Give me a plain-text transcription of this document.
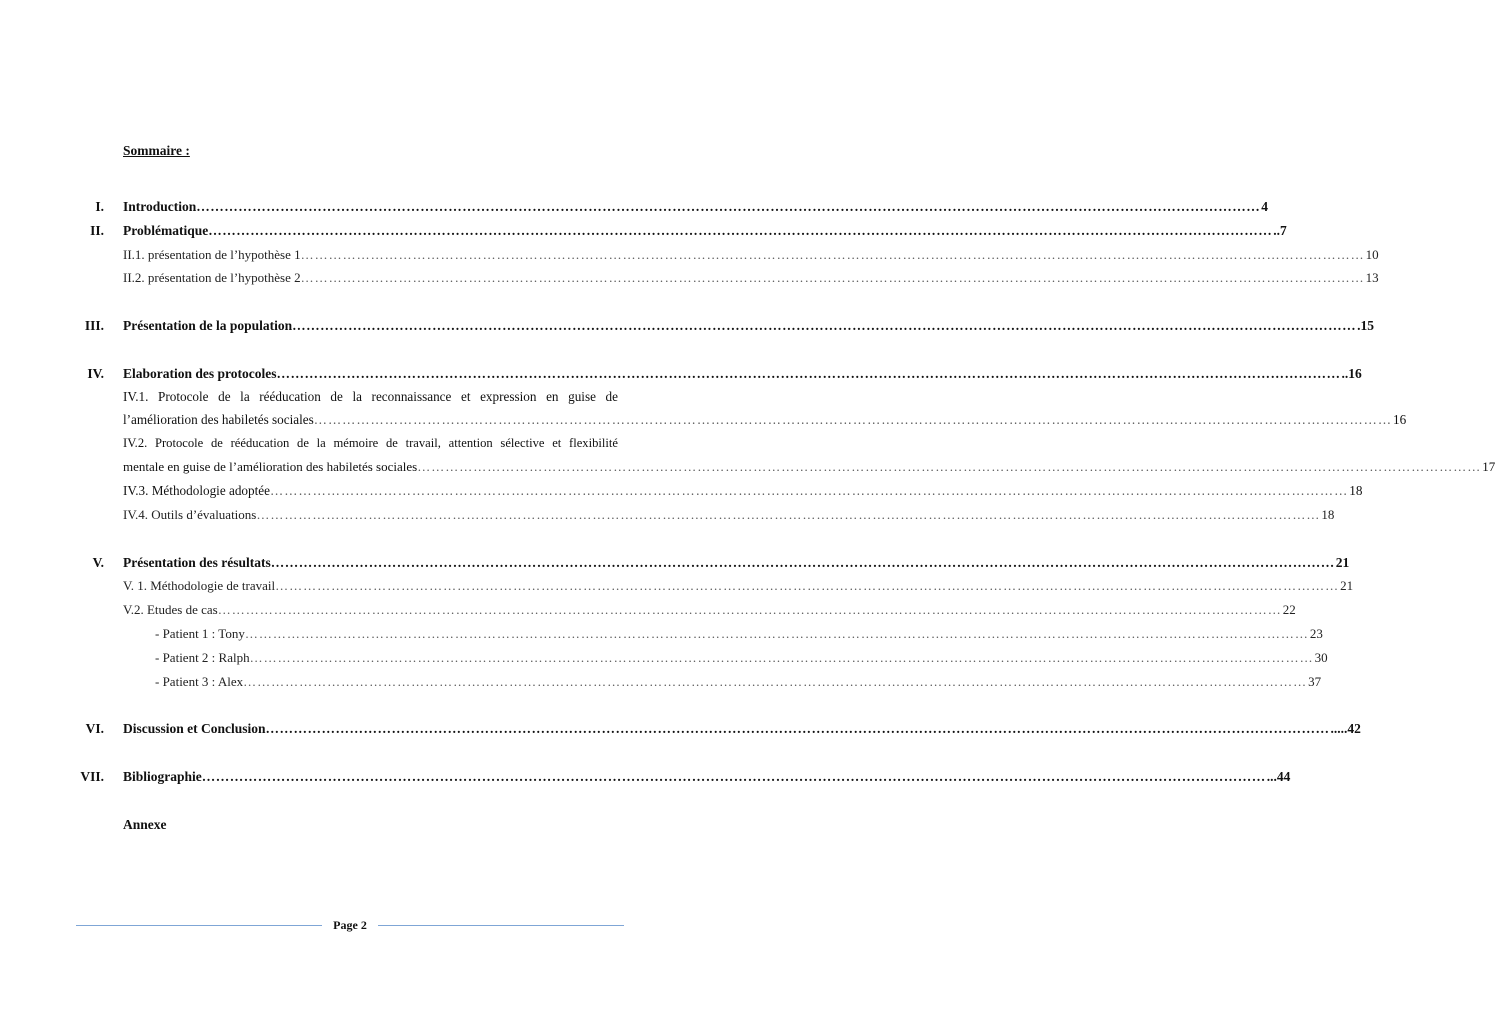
Sommaire :
I. Introduction ………………………………………………………………………………………………………………………………………………………………………………………………………… 4
II. Problématique ………………………………………………………………………………………………………………………………………………………………………………………………………… ..7
II.1. présentation de l’hypothèse 1 ………………………………………………………………………………………………………………………………………………………………………………………………………… 10
II.2. présentation de l’hypothèse 2 ………………………………………………………………………………………………………………………………………………………………………………………………………… 13
III. Présentation de la population ………………………………………………………………………………………………………………………………………………………………………………………………………… .15
IV. Elaboration des protocoles ………………………………………………………………………………………………………………………………………………………………………………………………………… ..16
IV.1. Protocole de la rééducation de la reconnaissance et expression en guise de
l’amélioration des habiletés sociales ………………………………………………………………………………………………………………………………………………………………………………………………………… 16
IV.2. Protocole de rééducation de la mémoire de travail, attention sélective et flexibilité
mentale en guise de l’amélioration des habiletés sociales ………………………………………………………………………………………………………………………………………………………………………………………………………… 17
IV.3. Méthodologie adoptée ………………………………………………………………………………………………………………………………………………………………………………………………………… 18
IV.4. Outils d’évaluations ………………………………………………………………………………………………………………………………………………………………………………………………………… 18
V. Présentation des résultats ………………………………………………………………………………………………………………………………………………………………………………………………………… 21
V. 1. Méthodologie de travail ………………………………………………………………………………………………………………………………………………………………………………………………………… 21
V.2. Etudes de cas ………………………………………………………………………………………………………………………………………………………………………………………………………… 22
- Patient 1 : Tony ………………………………………………………………………………………………………………………………………………………………………………………………………… 23
- Patient 2 : Ralph ………………………………………………………………………………………………………………………………………………………………………………………………………… 30
- Patient 3 : Alex ………………………………………………………………………………………………………………………………………………………………………………………………………… 37
VI. Discussion et Conclusion ………………………………………………………………………………………………………………………………………………………………………………………………………… .....42
VII. Bibliographie ………………………………………………………………………………………………………………………………………………………………………………………………………… ...44
Annexe
Page 2
